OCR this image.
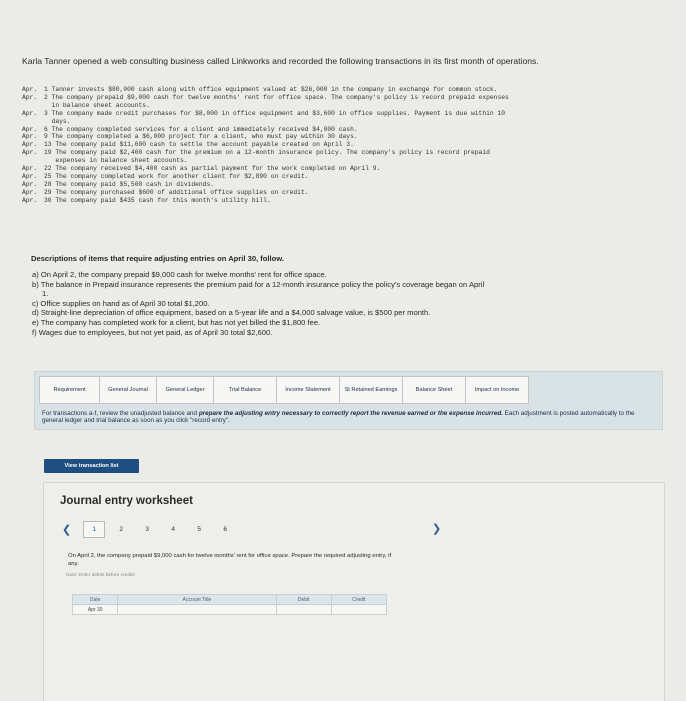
Karla Tanner opened a web consulting business called Linkworks and recorded the following transactions in its first month of operations.
Apr.	1 Tanner invests $80,000 cash along with office equipment valued at $26,000 in the company in exchange for common stock.
Apr.	2 The company prepaid $9,000 cash for twelve months' rent for office space. The company's policy is record prepaid expenses
in balance sheet accounts.
Apr.	3 The company made credit purchases for $8,000 in office equipment and $3,600 in office supplies. Payment is due within 10
days.
Apr.	6 The company completed services for a client and immediately received $4,000 cash.
Apr.	9 The company completed a $6,000 project for a client, who must pay within 30 days.
Apr.	13 The company paid $11,600 cash to settle the account payable created on April 3.
Apr.	19 The company paid $2,400 cash for the premium on a 12-month insurance policy. The company's policy is record prepaid
expenses in balance sheet accounts.
Apr.	22 The company received $4,400 cash as partial payment for the work completed on April 9.
Apr.	25 The company completed work for another client for $2,890 on credit.
Apr.	28 The company paid $5,500 cash in dividends.
Apr.	29 The company purchased $600 of additional office supplies on credit.
Apr.	30 The company paid $435 cash for this month's utility bill.
Descriptions of items that require adjusting entries on April 30, follow.
a) On April 2, the company prepaid $9,000 cash for twelve months' rent for office space.
b) The balance in Prepaid insurance represents the premium paid for a 12-month insurance policy the policy's coverage began on April
1.
c) Office supplies on hand as of April 30 total $1,200.
d) Straight-line depreciation of office equipment, based on a 5-year life and a $4,000 salvage value, is $500 per month.
e) The company has completed work for a client, but has not yet billed the $1,800 fee.
f) Wages due to employees, but not yet paid, as of April 30 total $2,600.
Requirement	General Journal	General Ledger	Trial Balance	Income Statement	St Retained Earnings	Balance Sheet	Impact on Income
For transactions a-f, review the unadjusted balance and prepare the adjusting entry necessary to correctly report the revenue earned or the expense incurred. Each adjustment is posted automatically to the general ledger and trial balance as soon as you click "record entry".
View transaction list
Journal entry worksheet
❮	1	2	3	4	5	6	❯
On April 2, the company prepaid $9,000 cash for twelve months' rent for office space. Prepare the required adjusting entry, if any.
Note: Enter debits before credits
Date	Account Title	Debit	Credit
Apr 30			
